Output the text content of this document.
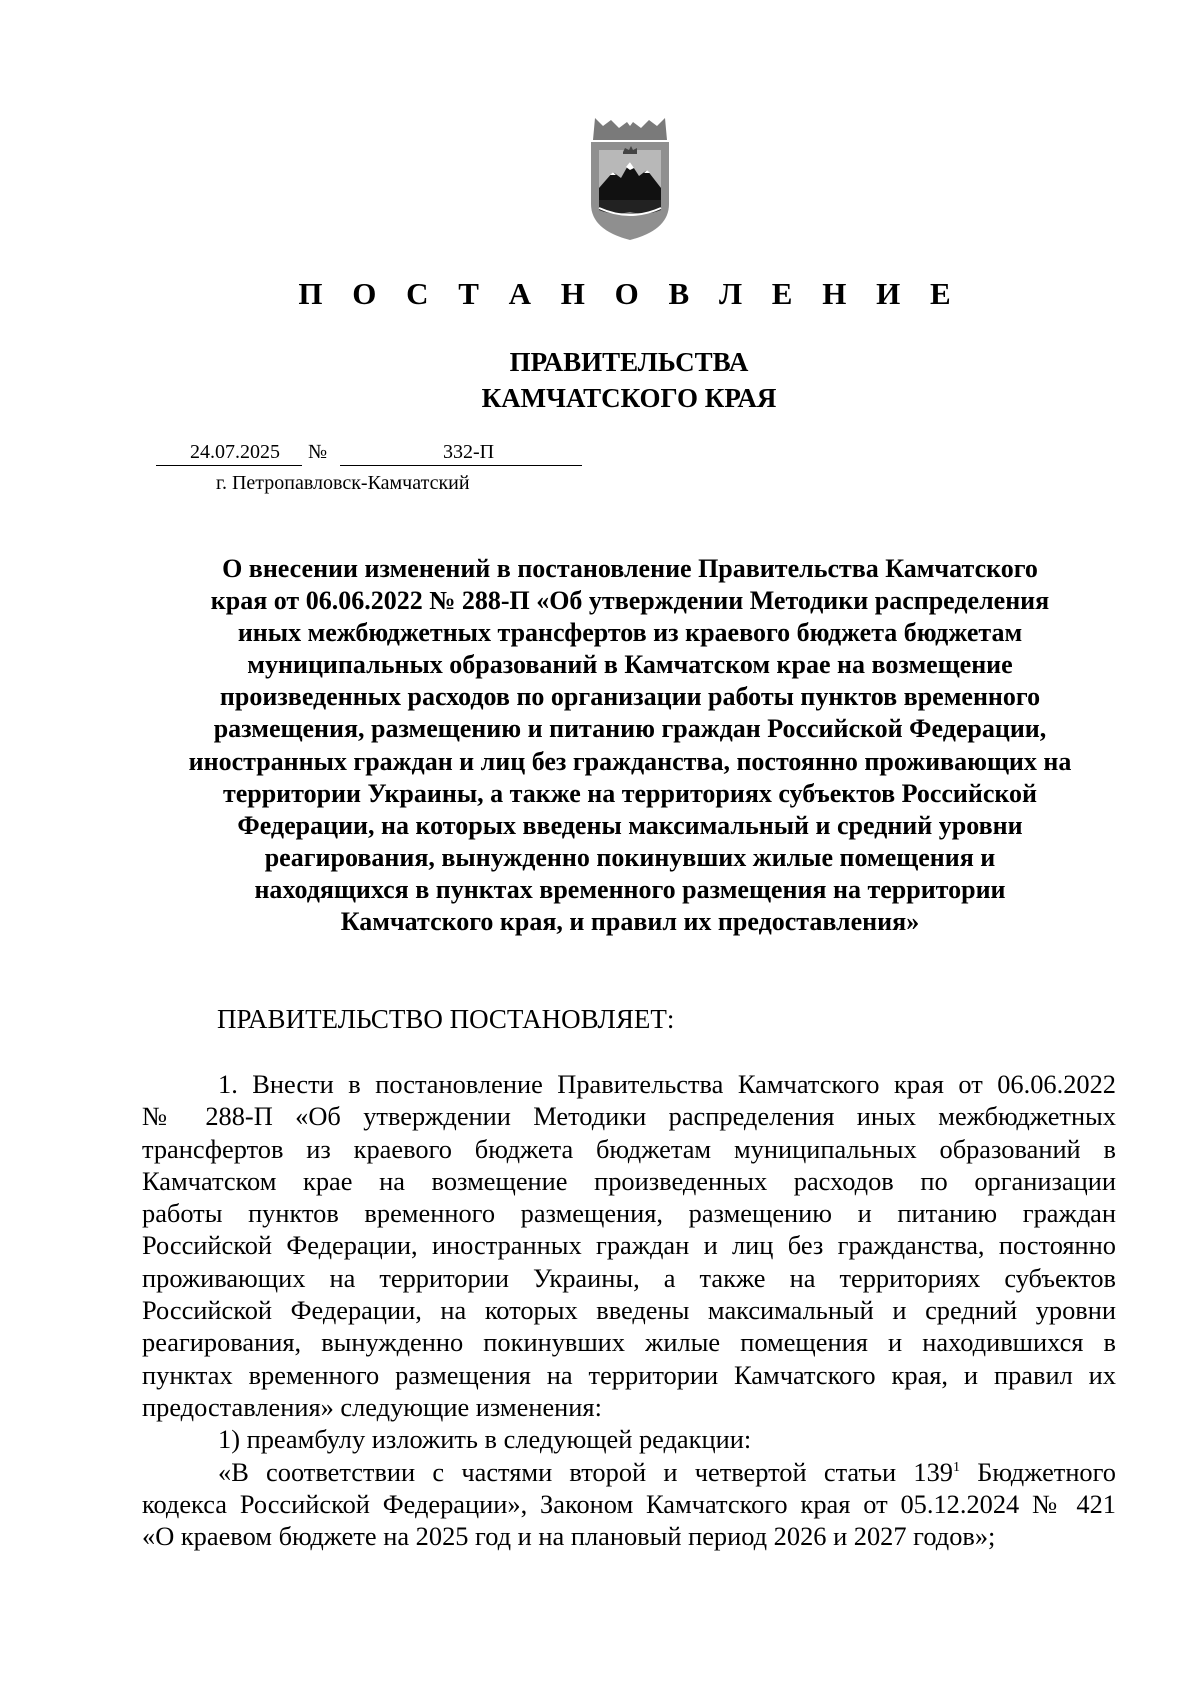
П О С Т А Н О В Л Е Н И Е
ПРАВИТЕЛЬСТВА
КАМЧАТСКОГО КРАЯ
24.07.2025 №	332-П
г. Петропавловск-Камчатский
О внесении изменений в постановление Правительства Камчатского
края от 06.06.2022 № 288-П «Об утверждении Методики распределения
иных межбюджетных трансфертов из краевого бюджета бюджетам
муниципальных образований в Камчатском крае на возмещение
произведенных расходов по организации работы пунктов временного
размещения, размещению и питанию граждан Российской Федерации,
иностранных граждан и лиц без гражданства, постоянно проживающих на
территории Украины, а также на территориях субъектов Российской
Федерации, на которых введены максимальный и средний уровни
реагирования, вынужденно покинувших жилые помещения и
находящихся в пунктах временного размещения на территории
Камчатского края, и правил их предоставления»
ПРАВИТЕЛЬСТВО ПОСТАНОВЛЯЕТ:
1. Внести в постановление Правительства Камчатского края от 06.06.2022
№ 288-П «Об утверждении Методики распределения иных межбюджетных
трансфертов из краевого бюджета бюджетам муниципальных образований в
Камчатском крае на возмещение произведенных расходов по организации
работы пунктов временного размещения, размещению и питанию граждан
Российской Федерации, иностранных граждан и лиц без гражданства, постоянно
проживающих на территории Украины, а также на территориях субъектов
Российской Федерации, на которых введены максимальный и средний уровни
реагирования, вынужденно покинувших жилые помещения и находившихся в
пунктах временного размещения на территории Камчатского края, и правил их
предоставления» следующие изменения:
1) преамбулу изложить в следующей редакции:
«В соответствии с частями второй и четвертой статьи $139^1$ Бюджетного
кодекса Российской Федерации», Законом Камчатского края от 05.12.2024 № 421
«О краевом бюджете на 2025 год и на плановый период 2026 и 2027 годов»;
